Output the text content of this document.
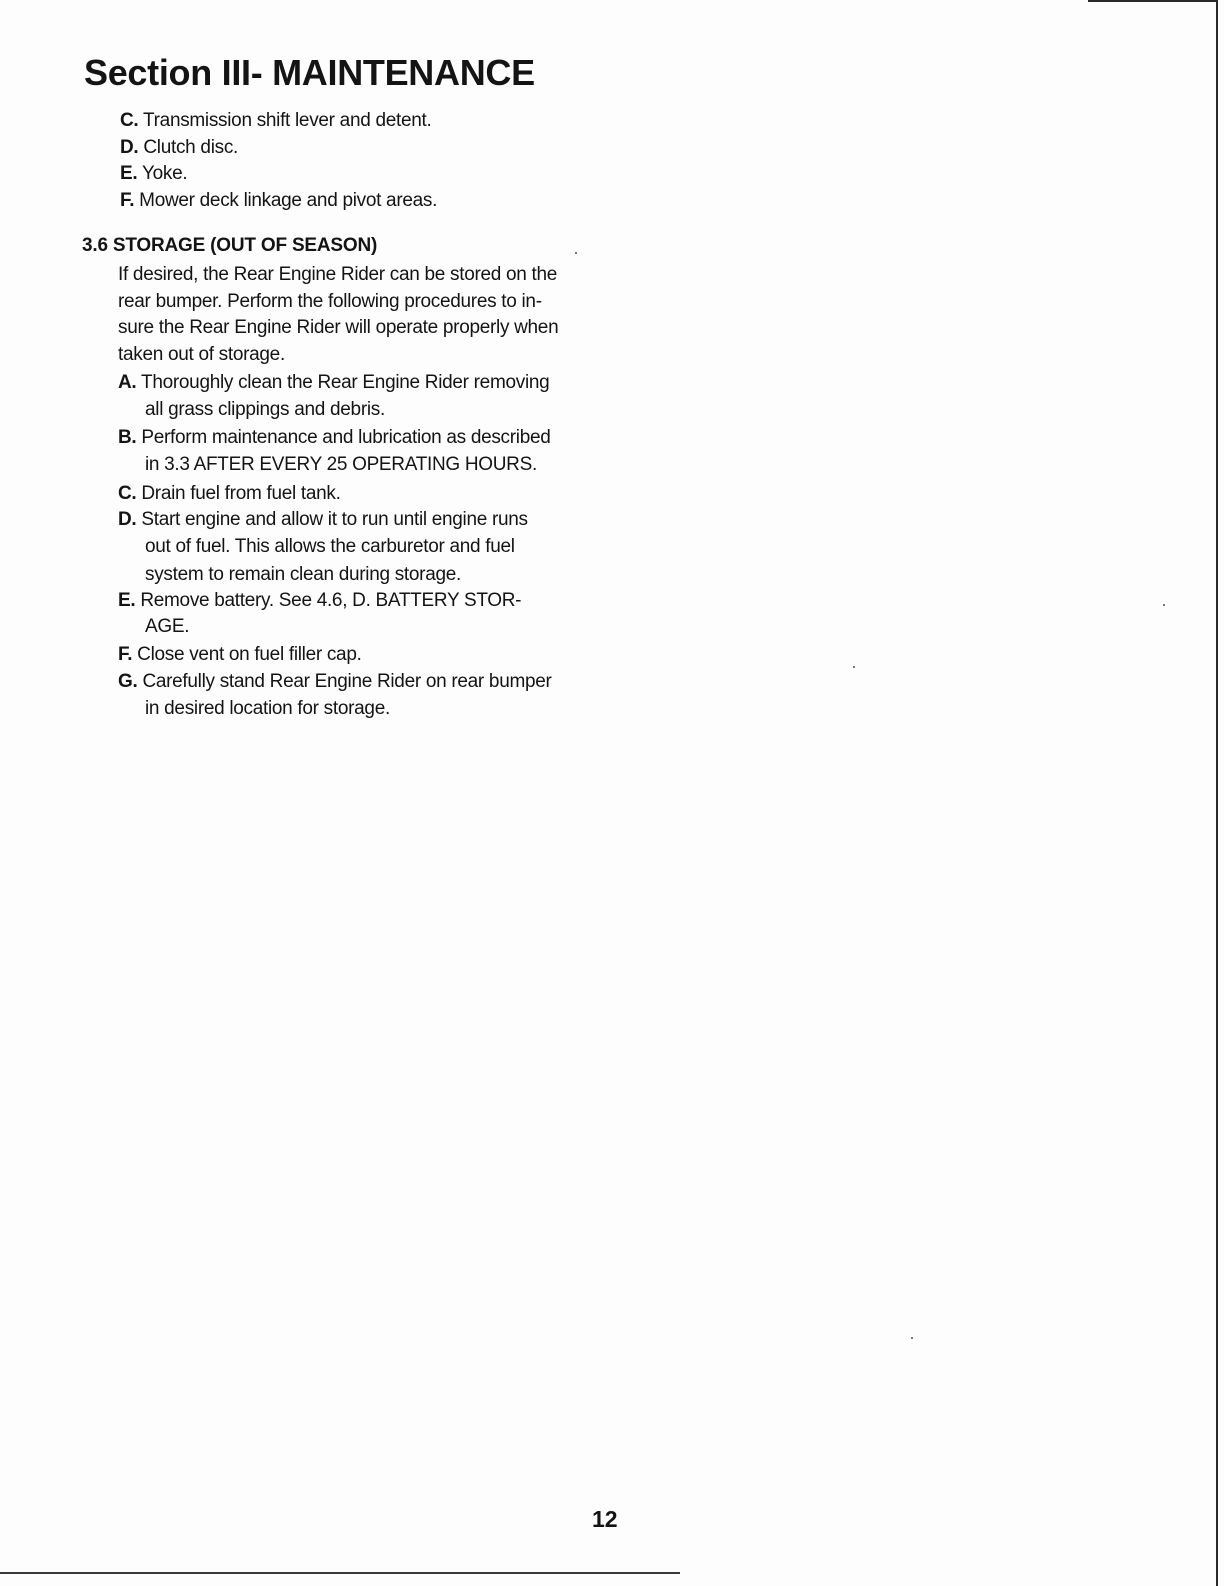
Section III- MAINTENANCE
C. Transmission shift lever and detent.
D. Clutch disc.
E. Yoke.
F. Mower deck linkage and pivot areas.
3.6 STORAGE (OUT OF SEASON)
If desired, the Rear Engine Rider can be stored on the
rear bumper. Perform the following procedures to in-
sure the Rear Engine Rider will operate properly when
taken out of storage.
A. Thoroughly clean the Rear Engine Rider removing
all grass clippings and debris.
B. Perform maintenance and lubrication as described
in 3.3 AFTER EVERY 25 OPERATING HOURS.
C. Drain fuel from fuel tank.
D. Start engine and allow it to run until engine runs
out of fuel. This allows the carburetor and fuel
system to remain clean during storage.
E. Remove battery. See 4.6, D. BATTERY STOR-
AGE.
F. Close vent on fuel filler cap.
G. Carefully stand Rear Engine Rider on rear bumper
in desired location for storage.
12
